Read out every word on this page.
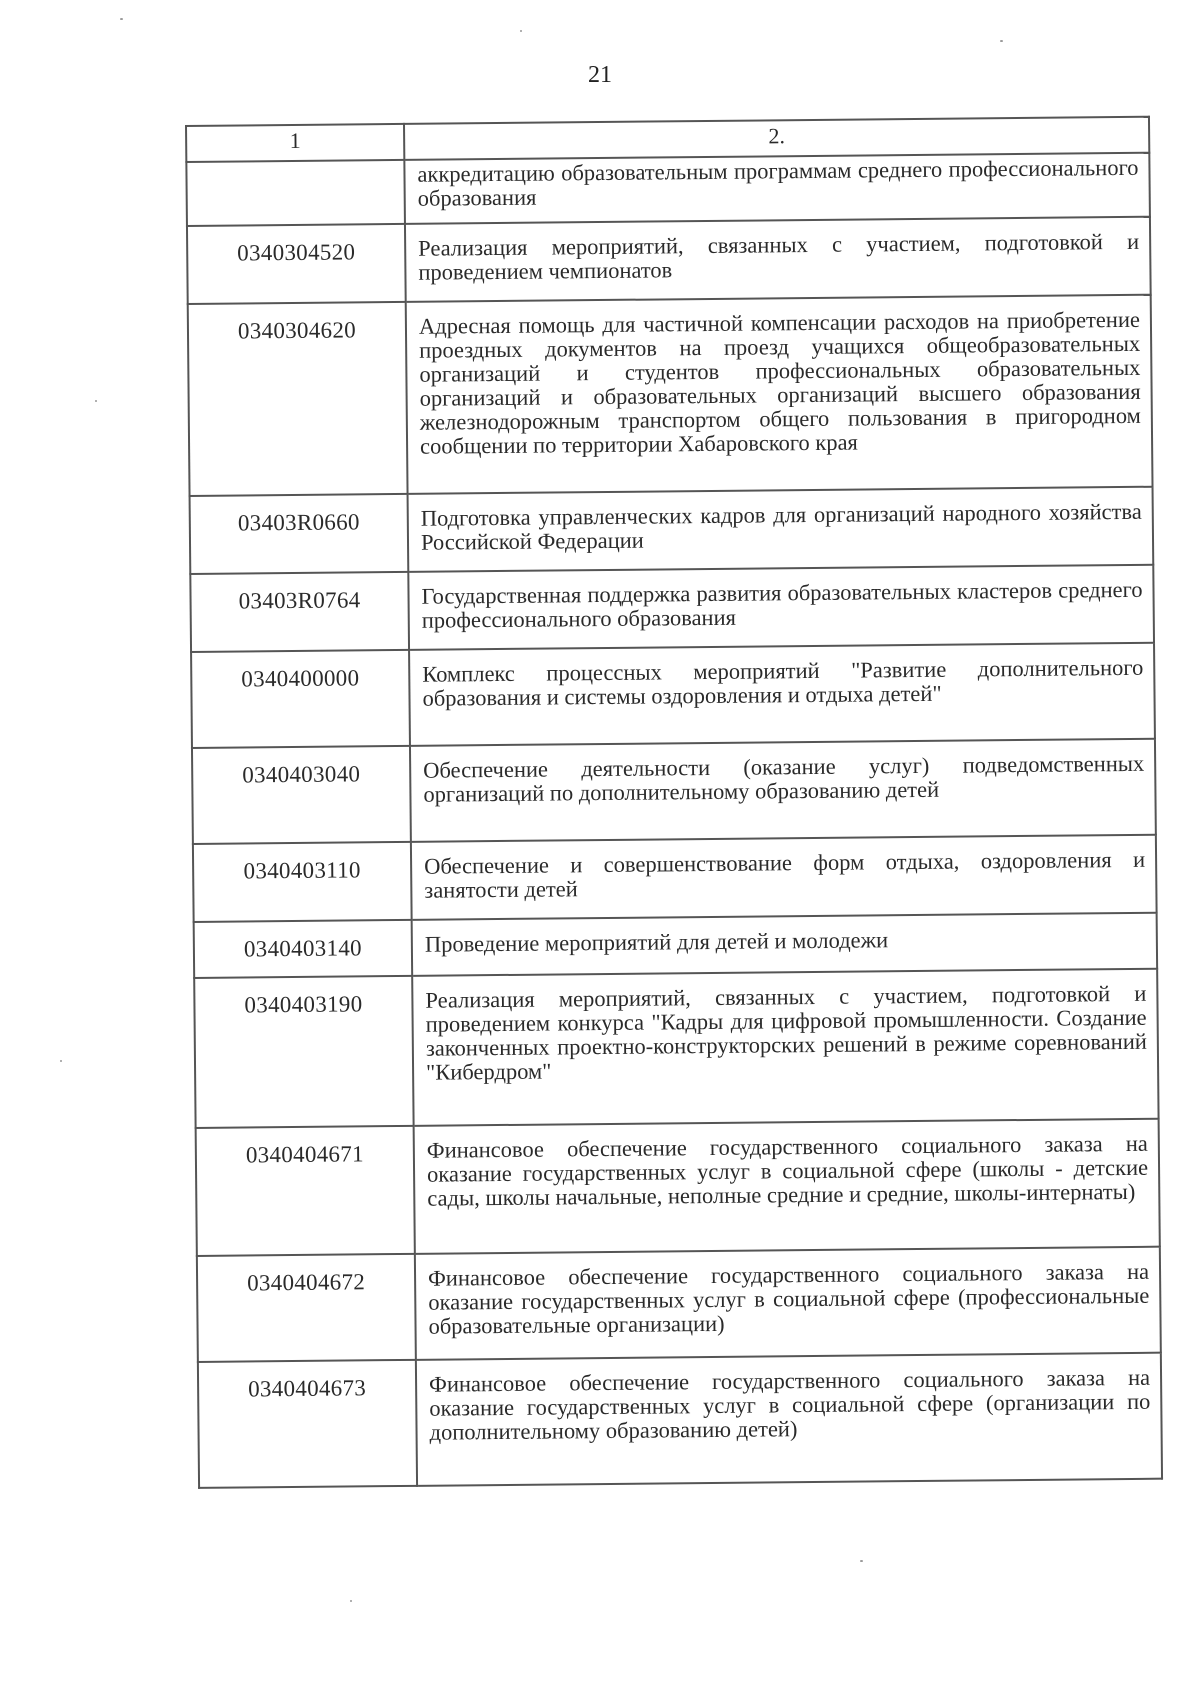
21
1	2.
	аккредитацию образовательным программам среднего профессионального образования
0340304520	Реализация мероприятий, связанных с участием, подготовкой и проведением чемпионатов
0340304620	Адресная помощь для частичной компенсации расходов на приобретение проездных документов на проезд учащихся общеобразовательных организаций и студентов профессиональных образовательных организаций и образовательных организаций высшего образования железнодорожным транспортом общего пользования в пригородном сообщении по территории Хабаровского края
03403R0660	Подготовка управленческих кадров для организаций народного хозяйства Российской Федерации
03403R0764	Государственная поддержка развития образовательных кластеров среднего профессионального образования
0340400000	Комплекс процессных мероприятий "Развитие дополнительного образования и системы оздоровления и отдыха детей"
0340403040	Обеспечение деятельности (оказание услуг) подведомственных организаций по дополнительному образованию детей
0340403110	Обеспечение и совершенствование форм отдыха, оздоровления и занятости детей
0340403140	Проведение мероприятий для детей и молодежи
0340403190	Реализация мероприятий, связанных с участием, подготовкой и проведением конкурса "Кадры для цифровой промышленности. Создание законченных проектно-конструкторских решений в режиме соревнований "Кибердром"
0340404671	Финансовое обеспечение государственного социального заказа на оказание государственных услуг в социальной сфере (школы - детские сады, школы начальные, неполные средние и средние, школы-интернаты)
0340404672	Финансовое обеспечение государственного социального заказа на оказание государственных услуг в социальной сфере (профессиональные образовательные организации)
0340404673	Финансовое обеспечение государственного социального заказа на оказание государственных услуг в социальной сфере (организации по дополнительному образованию детей)
